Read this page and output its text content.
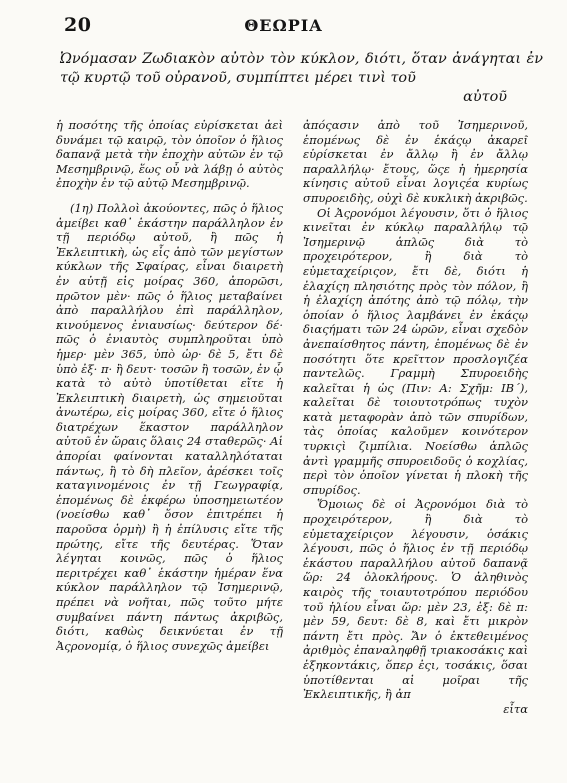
20	ΘΕΩΡΙΑ

Ὠνόμασαν Ζωδιακὸν αὐτὸν τὸν κύκλον, διότι, ὅταν ἀνάγηται ἐν τῷ κυρτῷ τοῦ οὐρανοῦ, συμπίπτει μέρει τινὶ τοῦ

αὐτοῦ

ἡ ποσότης τῆς ὁποίας εὑρίσκεται ἀεὶ δυνάμει τῷ καιρῷ, τὸν ὁποῖον ὁ ἥλιος δαπανᾷ μετὰ τὴν ἐποχὴν αὐτῶν ἐν τῷ Μεσημβρινῷ, ἕως οὗ νὰ λάβῃ ὁ αὐτὸς ἐποχὴν ἐν τῷ αὐτῷ Μεσημβρινῷ.

(1η) Πολλοὶ ἀκούοντες, πῶς ὁ ἥλιος ἀμείβει καθ᾿ ἑκάστην παράλληλον ἐν τῇ περιόδῳ αὐτοῦ, ἢ πῶς ἡ Ἐκλειπτικὴ, ὡς εἷς ἀπὸ τῶν μεγίστων κύκλων τῆς Σφαίρας, εἶναι διαιρετὴ ἐν αὐτῇ εἰς μοίρας 360, ἀπορῶσι, πρῶτον μὲν· πῶς ὁ ἥλιος μεταβαίνει ἀπὸ παραλλήλου ἐπὶ παράλληλον, κινούμενος ἐνιαυσίως· δεύτερον δέ· πῶς ὁ ἐνιαυτὸς συμπληροῦται ὑπὸ ἡμερ· μὲν 365, ὑπὸ ὡρ· δὲ 5, ἔτι δὲ ὑπὸ ἐξ· π· ἢ δευτ· τοσῶν ἢ τοσῶν, ἐν ᾧ κατὰ τὸ αὐτὸ ὑποτίθεται εἴτε ἡ Ἐκλειπτικὴ διαιρετὴ, ὡς σημειοῦται ἀνωτέρω, εἰς μοίρας 360, εἴτε ὁ ἥλιος διατρέχων ἕκαστον παράλληλον αὐτοῦ ἐν ὥραις ὅλαις 24 σταθερῶς· Αἱ ἀπορίαι φαίνονται καταλληλόταται πάντως, ἢ τὸ δὴ πλεῖον, ἀρέσκει τοῖς καταγινομένοις ἐν τῇ Γεωγραφίᾳ, ἑπομένως δὲ ἐκφέρω ὑποσημειωτέον (νοείσθω καθ᾿ ὅσον ἐπιτρέπει ἡ παροῦσα ὁρμὴ) ἢ ἡ ἐπίλυσις εἴτε τῆς πρώτης, εἴτε τῆς δευτέρας. Ὅταν λέγηται κοινῶς, πῶς ὁ ἥλιος περιτρέχει καθ᾿ ἑκάστην ἡμέραν ἕνα κύκλον παράλληλον τῷ Ἰσημερινῷ, πρέπει νὰ νοῆται, πῶς τοῦτο μήτε συμβαίνει πάντη πάντως ἀκριβῶς, διότι, καθὼς δεικνύεται ἐν τῇ Ἀςρονομίᾳ, ὁ ἥλιος συνεχῶς ἀμείβει

ἀπόςασιν ἀπὸ τοῦ Ἰσημερινοῦ, ἑπομένως δὲ ἐν ἑκάςῳ ἀκαρεῖ εὑρίσκεται ἐν ἄλλῳ ἢ ἐν ἄλλῳ παραλλήλῳ· ἔτους, ὥςε ἡ ἡμερησία κίνησις αὐτοῦ εἶναι λογιςέα κυρίως σπυροειδὴς, οὐχὶ δὲ κυκλικὴ ἀκριβῶς.

Οἱ Ἀςρονόμοι λέγουσιν, ὅτι ὁ ἥλιος κινεῖται ἐν κύκλῳ παραλλήλῳ τῷ Ἰσημερινῷ ἁπλῶς διὰ τὸ προχειρότερον, ἢ διὰ τὸ εὐμεταχείριςον, ἔτι δὲ, διότι ἡ ἐλαχίςη πλησιότης πρὸς τὸν πόλον, ἢ ἡ ἐλαχίςη ἀπότης ἀπὸ τῷ πόλῳ, τὴν ὁποίαν ὁ ἥλιος λαμβάνει ἐν ἑκάςῳ διαςήματι τῶν 24 ὡρῶν, εἶναι σχεδὸν ἀνεπαίσθητος πάντη, ἑπομένως δὲ ἐν ποσότητι ὅτε κρεῖττον προσλογιζέα παντελῶς. Γραμμὴ Σπυροειδὴς καλεῖται ἡ ὡς (Πιν: Α: Σχῆμ: ΙΒ´), καλεῖται δὲ τοιουτοτρόπως τυχὸν κατὰ μεταφορὰν ἀπὸ τῶν σπυρίδων, τὰς ὁποίας καλοῦμεν κοινότερον τυρκιςὶ ζιμπίλια. Νοείσθω ἁπλῶς ἀντὶ γραμμῆς σπυροειδοῦς ὁ κοχλίας, περὶ τὸν ὁποῖον γίνεται ἡ πλοκὴ τῆς σπυρίδος.

Ὅμοιως δὲ οἱ Ἀςρονόμοι διὰ τὸ προχειρότερον, ἢ διὰ τὸ εὐμεταχείριςον λέγουσιν, ὁσάκις λέγουσι, πῶς ὁ ἥλιος ἐν τῇ περιόδῳ ἑκάστου παραλλήλου αὐτοῦ δαπανᾷ ὥρ: 24 ὁλοκλήρους. Ὁ ἀληθινὸς καιρὸς τῆς τοιαυτοτρόπου περιόδου τοῦ ἡλίου εἶναι ὥρ: μὲν 23, ἐξ: δὲ π: μὲν 59, δευτ: δὲ 8, καὶ ἔτι μικρὸν πάντη ἔτι πρὸς. Ἄν ὁ ἐκτεθειμένος ἀριθμὸς ἐπαναληφθῇ τριακοσάκις καὶ ἑξηκοντάκις, ὅπερ ἐςι, τοσάκις, ὅσαι ὑποτίθενται αἱ μοῖραι τῆς Ἐκλειπτικῆς, ἢ ἀπ

εἶτα
